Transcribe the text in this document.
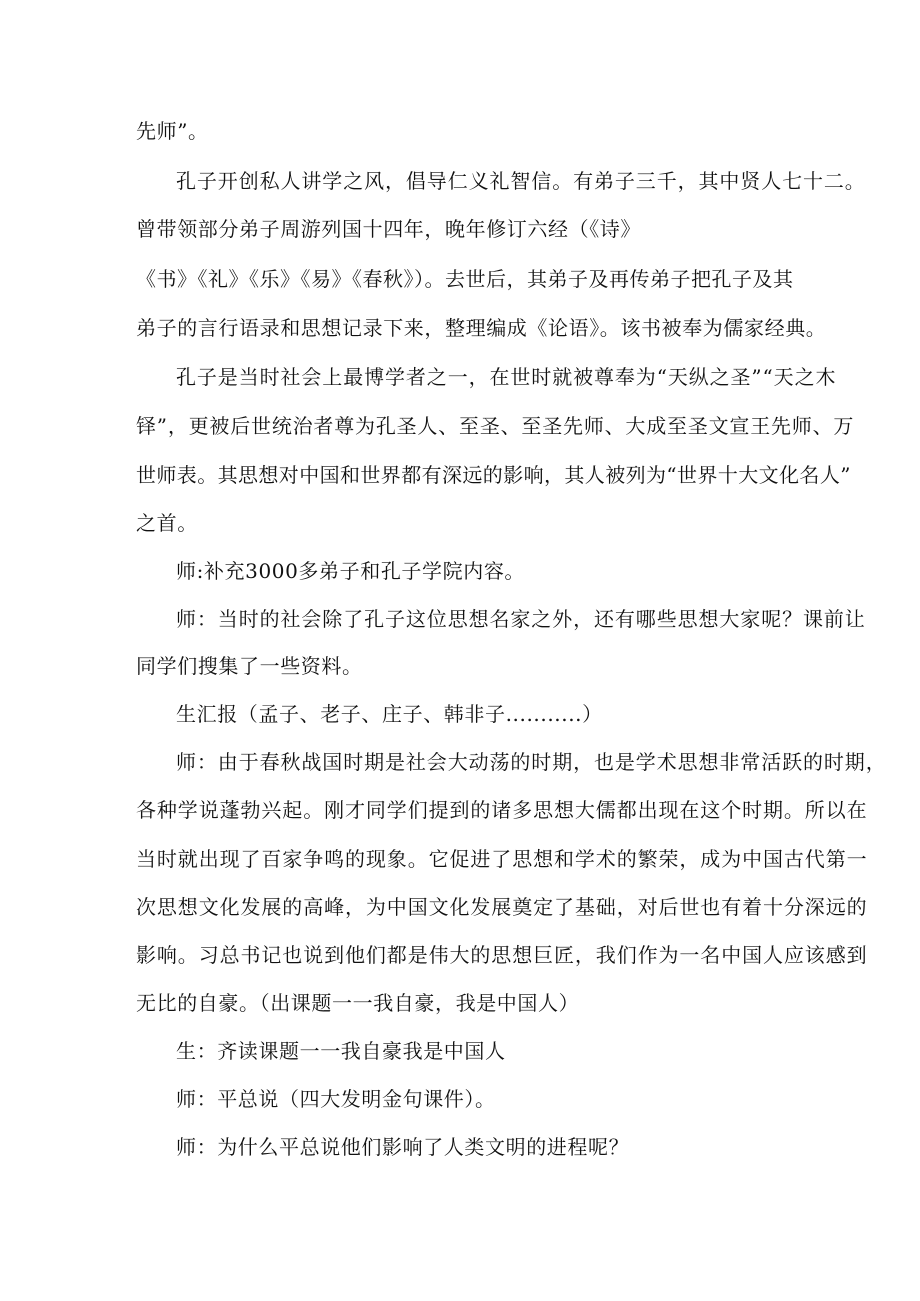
先师”。
孔子开创私人讲学之风，倡导仁义礼智信。有弟子三千，其中贤人七十二。
曾带领部分弟子周游列国十四年，晚年修订六经（《诗》
《书》《礼》《乐》《易》《春秋》）。去世后，其弟子及再传弟子把孔子及其
弟子的言行语录和思想记录下来，整理编成《论语》。该书被奉为儒家经典。
孔子是当时社会上最博学者之一，在世时就被尊奉为“天纵之圣”“天之木
铎”，更被后世统治者尊为孔圣人、至圣、至圣先师、大成至圣文宣王先师、万
世师表。其思想对中国和世界都有深远的影响，其人被列为“世界十大文化名人”
之首。
师:补充3000多弟子和孔子学院内容。
师：当时的社会除了孔子这位思想名家之外，还有哪些思想大家呢？课前让
同学们搜集了一些资料。
生汇报（孟子、老子、庄子、韩非子...........）
师：由于春秋战国时期是社会大动荡的时期，也是学术思想非常活跃的时期，
各种学说蓬勃兴起。刚才同学们提到的诸多思想大儒都出现在这个时期。所以在
当时就出现了百家争鸣的现象。它促进了思想和学术的繁荣，成为中国古代第一
次思想文化发展的高峰，为中国文化发展奠定了基础，对后世也有着十分深远的
影响。习总书记也说到他们都是伟大的思想巨匠，我们作为一名中国人应该感到
无比的自豪。（出课题一一我自豪，我是中国人）
生：齐读课题一一我自豪我是中国人
师：平总说（四大发明金句课件）。
师：为什么平总说他们影响了人类文明的进程呢？
